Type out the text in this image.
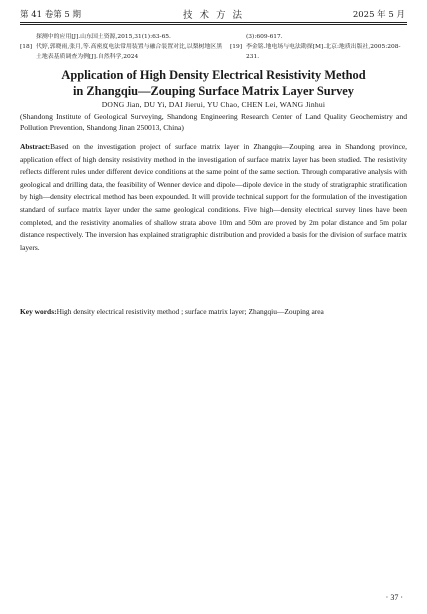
第 41 卷第 5 期	技 术 方 法	2025 年 5 月
探测中的应用[J].山东国土资源,2015,31(1):63-65.
[18] 代婷,郭晓雨,张月,等.高密度电法常用装置与融合装置对比,以梨树地区黑土地表基质调查为例[J].自然科学,2024
(3):609-617.
[19] 李金铭.地电场与电法勘探[M].北京:地质出版社,2005:208-231.
Application of High Density Electrical Resistivity Method
in Zhangqiu—Zouping Surface Matrix Layer Survey
DONG Jian, DU Yi, DAI Jierui, YU Chao, CHEN Lei, WANG Jinhui
(Shandong Institute of Geological Surveying, Shandong Engineering Research Center of Land Quality Geochemistry and Pollution Prevention, Shandong Jinan 250013, China)
Abstract:Based on the investigation project of surface matrix layer in Zhangqiu—Zouping area in Shandong province, application effect of high density resistivity method in the investigation of surface matrix layer has been studied. The resistivity reflects different rules under different device conditions at the same point of the same section. Through comparative analysis with geological and drilling data, the feasibility of Wenner device and dipole—dipole device in the study of stratigraphic stratification by high—density electrical method has been expounded. It will provide technical support for the formulation of the investigation standard of surface matrix layer under the same geological conditions. Five high—density electrical survey lines have been completed, and the resistivity anomalies of shallow strata above 10m and 50m are proved by 2m polar distance and 5m polar distance respectively. The inversion has explained stratigraphic distribution and provided a basis for the division of surface matrix layers.
Key words:High density electrical resistivity method ; surface matrix layer; Zhangqiu—Zouping area
· 37 ·
